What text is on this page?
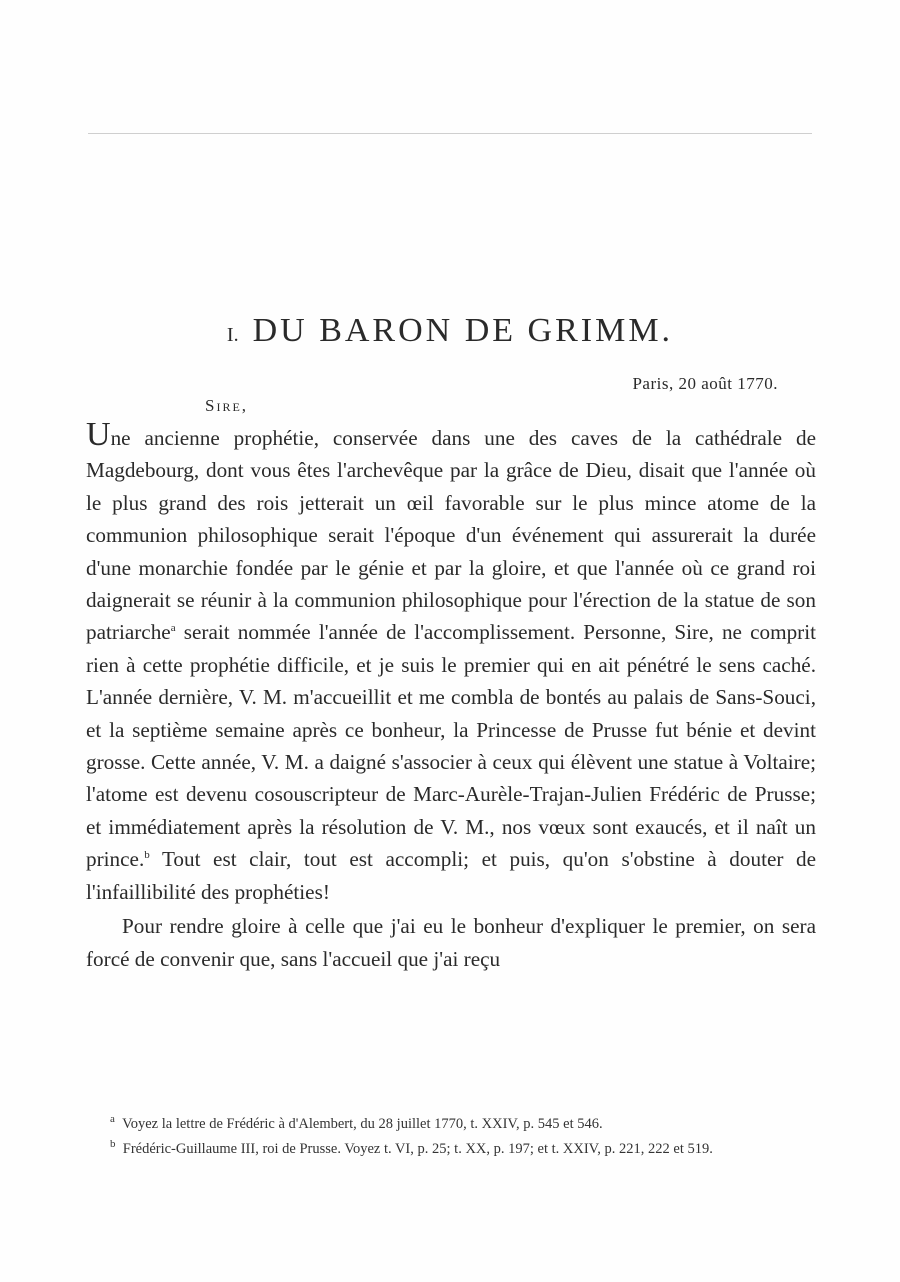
I. DU BARON DE GRIMM.
Paris, 20 août 1770.
Sire,

Une ancienne prophétie, conservée dans une des caves de la cathédrale de Magdebourg, dont vous êtes l'archevêque par la grâce de Dieu, disait que l'année où le plus grand des rois jetterait un œil favorable sur le plus mince atome de la communion philosophique serait l'époque d'un événement qui assurerait la durée d'une monarchie fondée par le génie et par la gloire, et que l'année où ce grand roi daignerait se réunir à la communion philosophique pour l'érection de la statue de son patriarche$^a$ serait nommée l'année de l'accomplissement. Personne, Sire, ne comprit rien à cette prophétie difficile, et je suis le premier qui en ait pénétré le sens caché. L'année dernière, V. M. m'accueillit et me combla de bontés au palais de Sans-Souci, et la septième semaine après ce bonheur, la Princesse de Prusse fut bénie et devint grosse. Cette année, V. M. a daigné s'associer à ceux qui élèvent une statue à Voltaire; l'atome est devenu cosouscripteur de Marc-Aurèle-Trajan-Julien Frédéric de Prusse; et immédiatement après la résolution de V. M., nos vœux sont exaucés, et il naît un prince.$^b$ Tout est clair, tout est accompli; et puis, qu'on s'obstine à douter de l'infaillibilité des prophéties!

Pour rendre gloire à celle que j'ai eu le bonheur d'expliquer le premier, on sera forcé de convenir que, sans l'accueil que j'ai reçu

$^a$ Voyez la lettre de Frédéric à d'Alembert, du 28 juillet 1770, t. XXIV, p. 545 et 546.
$^b$ Frédéric-Guillaume III, roi de Prusse. Voyez t. VI, p. 25; t. XX, p. 197; et t. XXIV, p. 221, 222 et 519.
